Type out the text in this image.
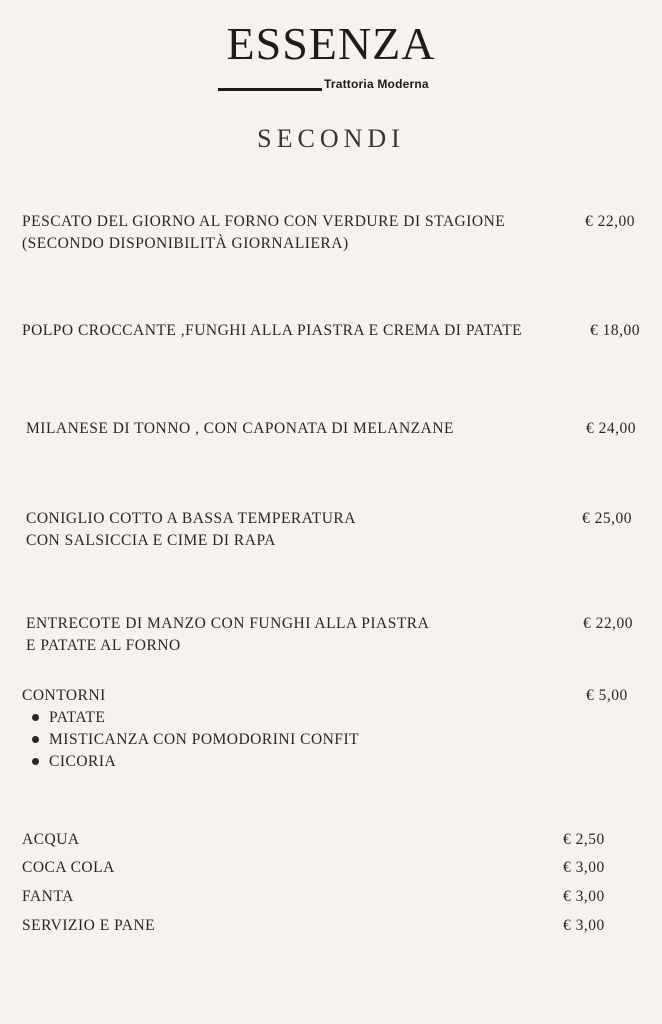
ESSENZA
Trattoria Moderna
SECONDI
PESCATO DEL GIORNO AL FORNO CON VERDURE DI STAGIONE
(SECONDO DISPONIBILITÀ GIORNALIERA)
€ 22,00
POLPO CROCCANTE ,FUNGHI ALLA PIASTRA E CREMA DI PATATE	€ 18,00
MILANESE DI TONNO , CON CAPONATA DI MELANZANE	€ 24,00
CONIGLIO COTTO A BASSA TEMPERATURA
CON SALSICCIA E CIME DI RAPA
€ 25,00
ENTRECOTE DI MANZO CON FUNGHI ALLA PIASTRA
E PATATE AL FORNO
€ 22,00
CONTORNI	€ 5,00
PATATE
MISTICANZA CON POMODORINI CONFIT
CICORIA
ACQUA	€ 2,50
COCA COLA	€ 3,00
FANTA	€ 3,00
SERVIZIO E PANE	€ 3,00
